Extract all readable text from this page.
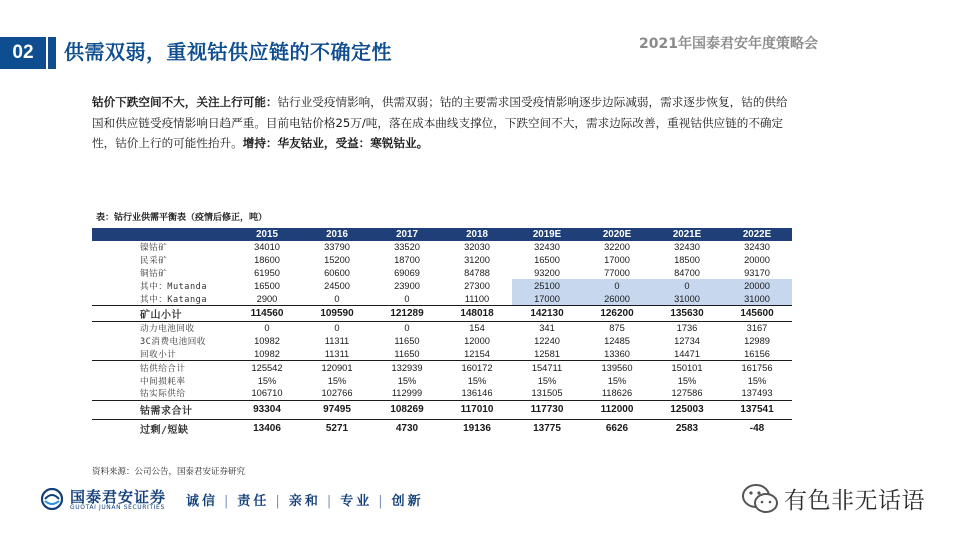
02	供需双弱，重视钴供应链的不确定性	2021年国泰君安年度策略会
钴价下跌空间不大，关注上行可能：钴行业受疫情影响，供需双弱；钴的主要需求国受疫情影响逐步边际减弱，需求逐步恢复，钴的供给国和供应链受疫情影响日趋严重。目前电钴价格25万/吨，落在成本曲线支撑位，下跌空间不大，需求边际改善，重视钴供应链的不确定性，钴价上行的可能性抬升。增持：华友钴业，受益：寒锐钴业。
表：钴行业供需平衡表（疫情后修正，吨）
	2015	2016	2017	2018	2019E	2020E	2021E	2022E
镍钴矿	34010	33790	33520	32030	32430	32200	32430	32430
民采矿	18600	15200	18700	31200	16500	17000	18500	20000
铜钴矿	61950	60600	69069	84788	93200	77000	84700	93170
其中：Mutanda	16500	24500	23900	27300	25100	0	0	20000
其中：Katanga	2900	0	0	11100	17000	26000	31000	31000
矿山小计	114560	109590	121289	148018	142130	126200	135630	145600
动力电池回收	0	0	0	154	341	875	1736	3167
3C消费电池回收	10982	11311	11650	12000	12240	12485	12734	12989
回收小计	10982	11311	11650	12154	12581	13360	14471	16156
钴供给合计	125542	120901	132939	160172	154711	139560	150101	161756
中间损耗率	15%	15%	15%	15%	15%	15%	15%	15%
钴实际供给	106710	102766	112999	136146	131505	118626	127586	137493
钴需求合计	93304	97495	108269	117010	117730	112000	125003	137541
过剩/短缺	13406	5271	4730	19136	13775	6626	2583	-48
资料来源：公司公告，国泰君安证券研究
国泰君安证券
GUOTAI JUNAN SECURITIES 诚信 | 责任 | 亲和 | 专业 | 创新	有色非无话语
